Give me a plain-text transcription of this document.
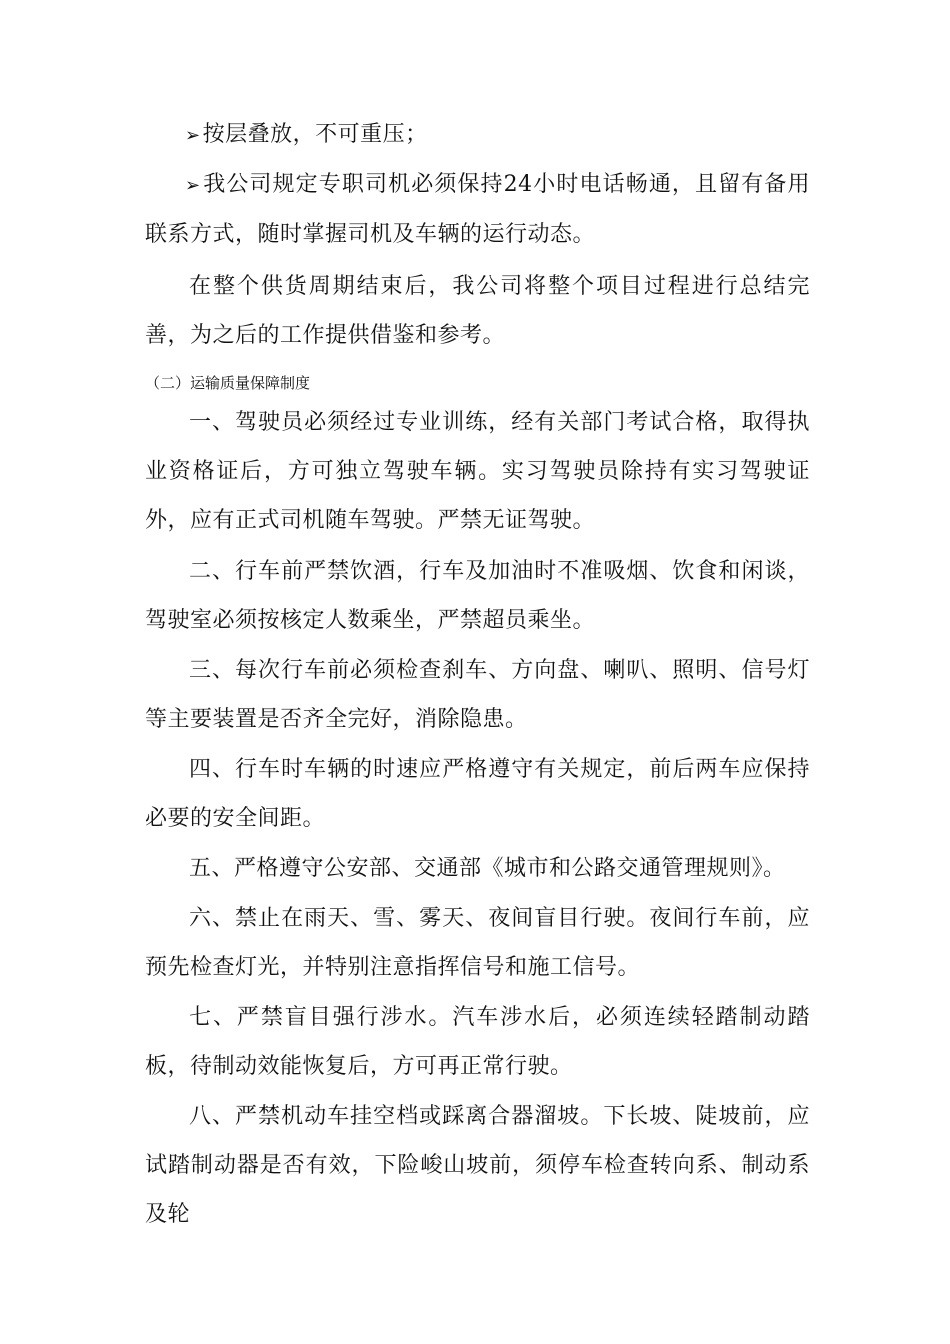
➢按层叠放，不可重压；

➢我公司规定专职司机必须保持24小时电话畅通，且留有备用联系方式，随时掌握司机及车辆的运行动态。

在整个供货周期结束后，我公司将整个项目过程进行总结完善，为之后的工作提供借鉴和参考。

（二）运输质量保障制度

一、驾驶员必须经过专业训练，经有关部门考试合格，取得执业资格证后，方可独立驾驶车辆。实习驾驶员除持有实习驾驶证外，应有正式司机随车驾驶。严禁无证驾驶。

二、行车前严禁饮酒，行车及加油时不准吸烟、饮食和闲谈，驾驶室必须按核定人数乘坐，严禁超员乘坐。

三、每次行车前必须检查刹车、方向盘、喇叭、照明、信号灯等主要装置是否齐全完好，消除隐患。

四、行车时车辆的时速应严格遵守有关规定，前后两车应保持必要的安全间距。

五、严格遵守公安部、交通部《城市和公路交通管理规则》。

六、禁止在雨天、雪、雾天、夜间盲目行驶。夜间行车前，应预先检查灯光，并特别注意指挥信号和施工信号。

七、严禁盲目强行涉水。汽车涉水后，必须连续轻踏制动踏板，待制动效能恢复后，方可再正常行驶。

八、严禁机动车挂空档或踩离合器溜坡。下长坡、陡坡前，应试踏制动器是否有效，下险峻山坡前，须停车检查转向系、制动系及轮
